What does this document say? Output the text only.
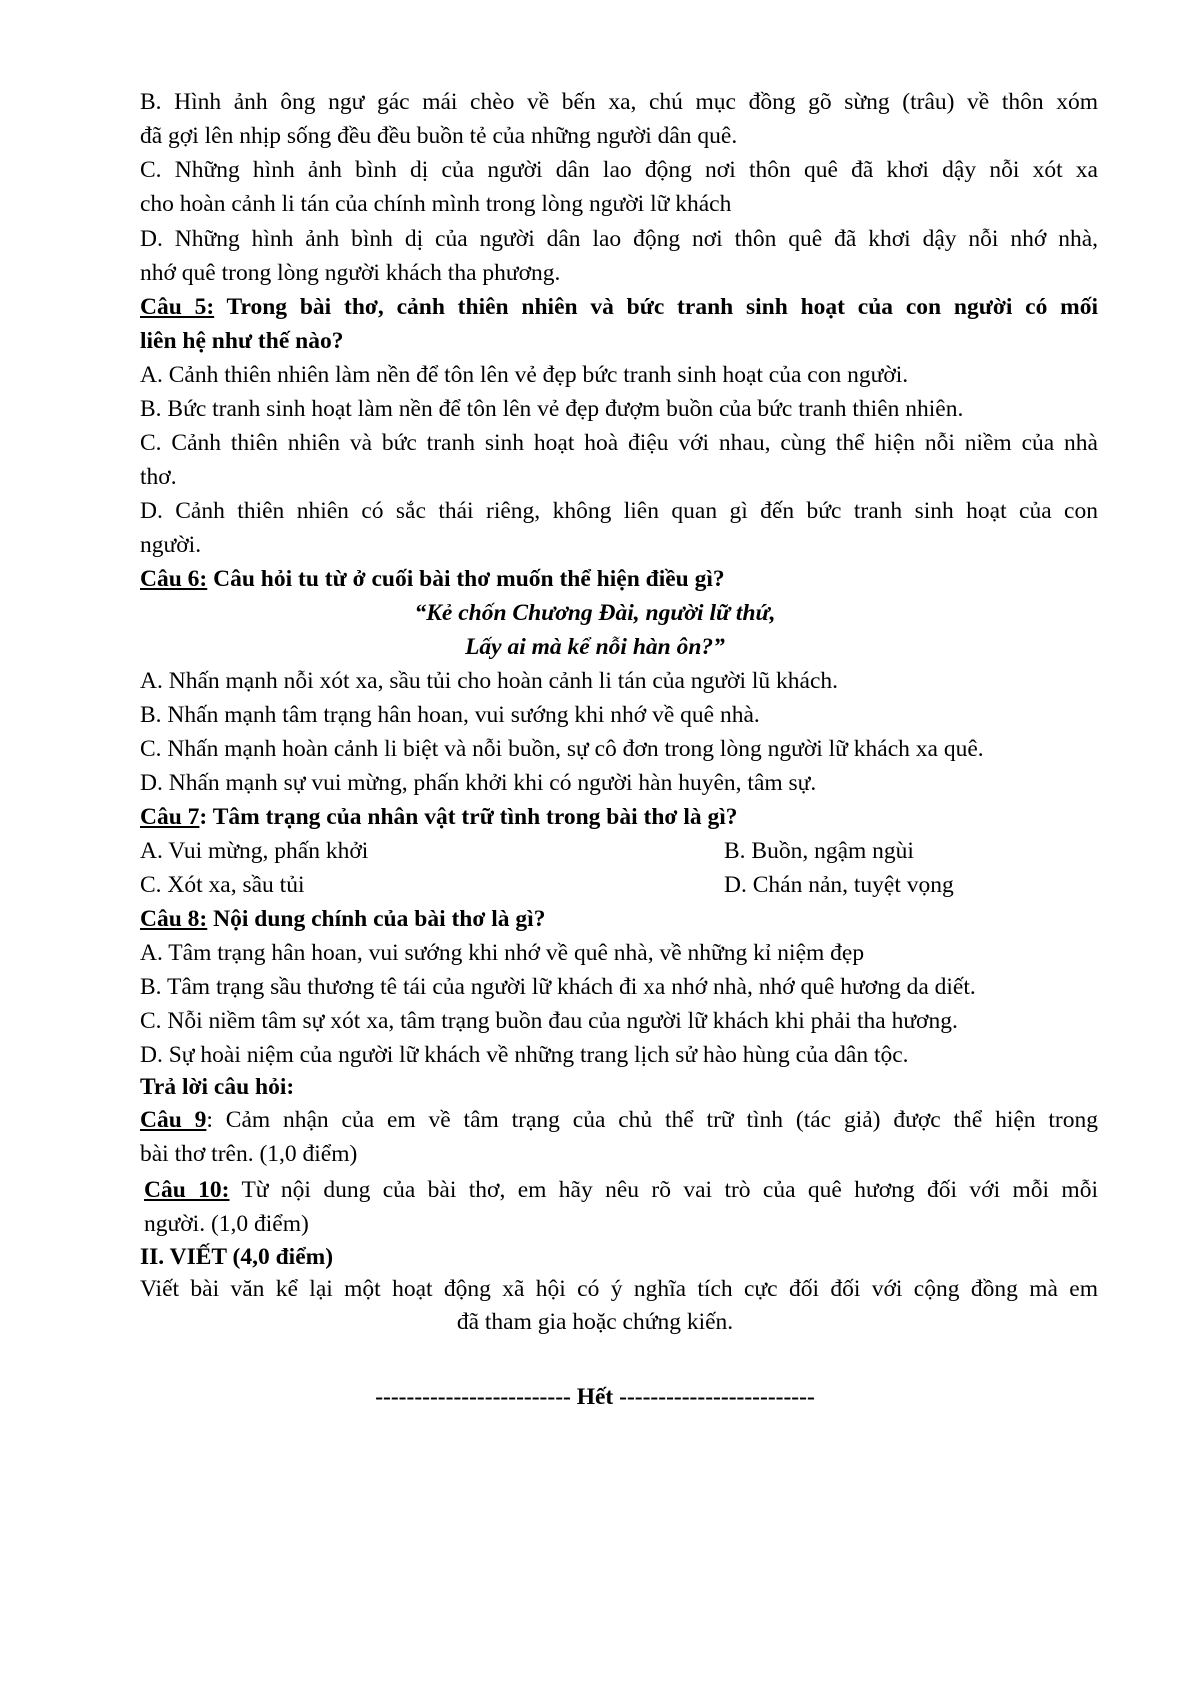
B. Hình ảnh ông ngư gác mái chèo về bến xa, chú mục đồng gõ sừng (trâu) về thôn xóm
đã gợi lên nhịp sống đều đều buồn tẻ của những người dân quê.
C. Những hình ảnh bình dị của người dân lao động nơi thôn quê đã khơi dậy nỗi xót xa
cho hoàn cảnh li tán của chính mình trong lòng người lữ khách
D. Những hình ảnh bình dị của người dân lao động nơi thôn quê đã khơi dậy nỗi nhớ nhà,
nhớ quê trong lòng người khách tha phương.
Câu 5: Trong bài thơ, cảnh thiên nhiên và bức tranh sinh hoạt của con người có mối
liên hệ như thế nào?
A. Cảnh thiên nhiên làm nền để tôn lên vẻ đẹp bức tranh sinh hoạt của con người.
B. Bức tranh sinh hoạt làm nền để tôn lên vẻ đẹp đượm buồn của bức tranh thiên nhiên.
C. Cảnh thiên nhiên và bức tranh sinh hoạt hoà điệu với nhau, cùng thể hiện nỗi niềm của nhà
thơ.
D. Cảnh thiên nhiên có sắc thái riêng, không liên quan gì đến bức tranh sinh hoạt của con
người.
Câu 6: Câu hỏi tu từ ở cuối bài thơ muốn thể hiện điều gì?
“Kẻ chốn Chương Đài, người lữ thứ,
Lấy ai mà kể nỗi hàn ôn?”
A. Nhấn mạnh nỗi xót xa, sầu tủi cho hoàn cảnh li tán của người lũ khách.
B. Nhấn mạnh tâm trạng hân hoan, vui sướng khi nhớ về quê nhà.
C. Nhấn mạnh hoàn cảnh li biệt và nỗi buồn, sự cô đơn trong lòng người lữ khách xa quê.
D. Nhấn mạnh sự vui mừng, phấn khởi khi có người hàn huyên, tâm sự.
Câu 7: Tâm trạng của nhân vật trữ tình trong bài thơ là gì?
A. Vui mừng, phấn khởi	B. Buồn, ngậm ngùi
C. Xót xa, sầu tủi	D. Chán nản, tuyệt vọng
Câu 8: Nội dung chính của bài thơ là gì?
A. Tâm trạng hân hoan, vui sướng khi nhớ về quê nhà, về những kỉ niệm đẹp
B. Tâm trạng sầu thương tê tái của người lữ khách đi xa nhớ nhà, nhớ quê hương da diết.
C. Nỗi niềm tâm sự xót xa, tâm trạng buồn đau của người lữ khách khi phải tha hương.
D. Sự hoài niệm của người lữ khách về những trang lịch sử hào hùng của dân tộc.
Trả lời câu hỏi:
Câu 9: Cảm nhận của em về tâm trạng của chủ thể trữ tình (tác giả) được thể hiện trong
bài thơ trên. (1,0 điểm)
Câu 10: Từ nội dung của bài thơ, em hãy nêu rõ vai trò của quê hương đối với mỗi mỗi
người. (1,0 điểm)
II. VIẾT (4,0 điểm)
Viết bài văn kể lại một hoạt động xã hội có ý nghĩa tích cực đối đối với cộng đồng mà em
đã tham gia hoặc chứng kiến.
------------------------- Hết -------------------------
